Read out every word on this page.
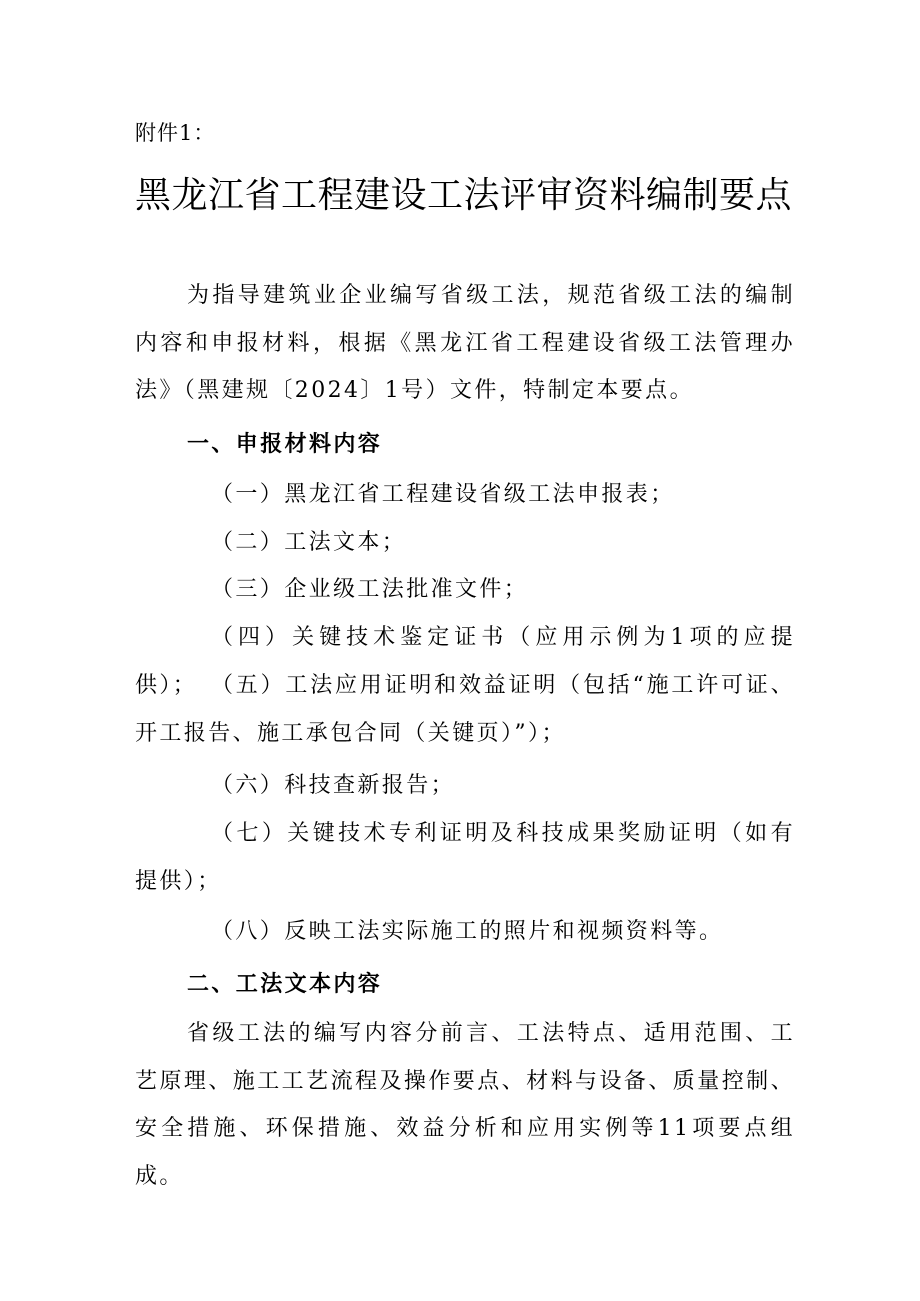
附件1：
黑龙江省工程建设工法评审资料编制要点
为指导建筑业企业编写省级工法，规范省级工法的编制内容和申报材料，根据《黑龙江省工程建设省级工法管理办法》（黑建规〔2024〕1号）文件，特制定本要点。
一、申报材料内容
（一）黑龙江省工程建设省级工法申报表；
（二）工法文本；
（三）企业级工法批准文件；
（四）关键技术鉴定证书（应用示例为1项的应提供）； （五）工法应用证明和效益证明（包括“施工许可证、开工报告、施工承包合同（关键页）”）；
（六）科技查新报告；
（七）关键技术专利证明及科技成果奖励证明（如有提供）；
（八）反映工法实际施工的照片和视频资料等。
二、工法文本内容
省级工法的编写内容分前言、工法特点、适用范围、工艺原理、施工工艺流程及操作要点、材料与设备、质量控制、安全措施、环保措施、效益分析和应用实例等11项要点组成。
